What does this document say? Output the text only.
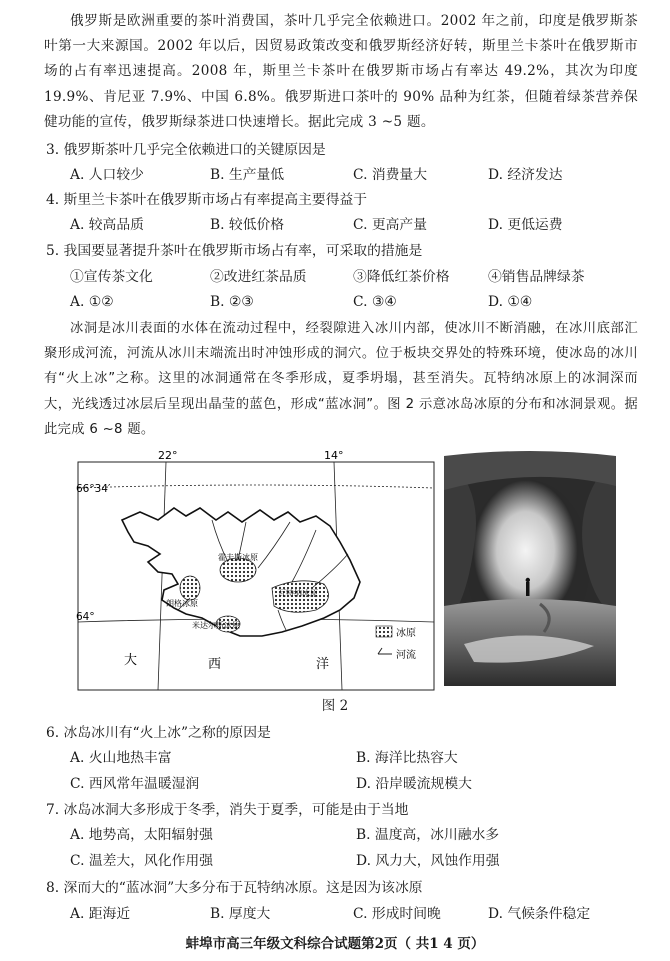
俄罗斯是欧洲重要的茶叶消费国，茶叶几乎完全依赖进口。2002 年之前，印度是俄罗斯茶叶第一大来源国。2002 年以后，因贸易政策改变和俄罗斯经济好转，斯里兰卡茶叶在俄罗斯市场的占有率迅速提高。2008 年，斯里兰卡茶叶在俄罗斯市场占有率达 49.2%，其次为印度 19.9%、肯尼亚 7.9%、中国 6.8%。俄罗斯进口茶叶的 90% 品种为红茶，但随着绿茶营养保健功能的宣传，俄罗斯绿茶进口快速增长。据此完成 3 ~5 题。
3. 俄罗斯茶叶几乎完全依赖进口的关键原因是
A. 人口较少	B. 生产量低	C. 消费量大	D. 经济发达
4. 斯里兰卡茶叶在俄罗斯市场占有率提高主要得益于
A. 较高品质	B. 较低价格	C. 更高产量	D. 更低运费
5. 我国要显著提升茶叶在俄罗斯市场占有率，可采取的措施是
①宣传茶文化	②改进红茶品质	③降低红茶价格	④销售品牌绿茶
A. ①②	B. ②③	C. ③④	D. ①④
冰洞是冰川表面的水体在流动过程中，经裂隙进入冰川内部，使冰川不断消融，在冰川底部汇聚形成河流，河流从冰川末端流出时冲蚀形成的洞穴。位于板块交界处的特殊环境，使冰岛的冰川有“火上冰”之称。这里的冰洞通常在冬季形成，夏季坍塌，甚至消失。瓦特纳冰原上的冰洞深而大，光线透过冰层后呈现出晶莹的蓝色，形成“蓝冰洞”。图 2 示意冰岛冰原的分布和冰洞景观。据此完成 6 ~8 题。
22°	14°
66°34′
64°
霍夫斯冰原
朗格冰原
瓦特纳冰原
米达尔斯冰原
大	西	洋
冰原
河流
图 2
6. 冰岛冰川有“火上冰”之称的原因是
A. 火山地热丰富	B. 海洋比热容大
C. 西风常年温暖湿润	D. 沿岸暖流规模大
7. 冰岛冰洞大多形成于冬季，消失于夏季，可能是由于当地
A. 地势高，太阳辐射强	B. 温度高，冰川融水多
C. 温差大，风化作用强	D. 风力大，风蚀作用强
8. 深而大的“蓝冰洞”大多分布于瓦特纳冰原。这是因为该冰原
A. 距海近	B. 厚度大	C. 形成时间晚	D. 气候条件稳定
蚌埠市高三年级文科综合试题第2页（ 共1 4 页）
